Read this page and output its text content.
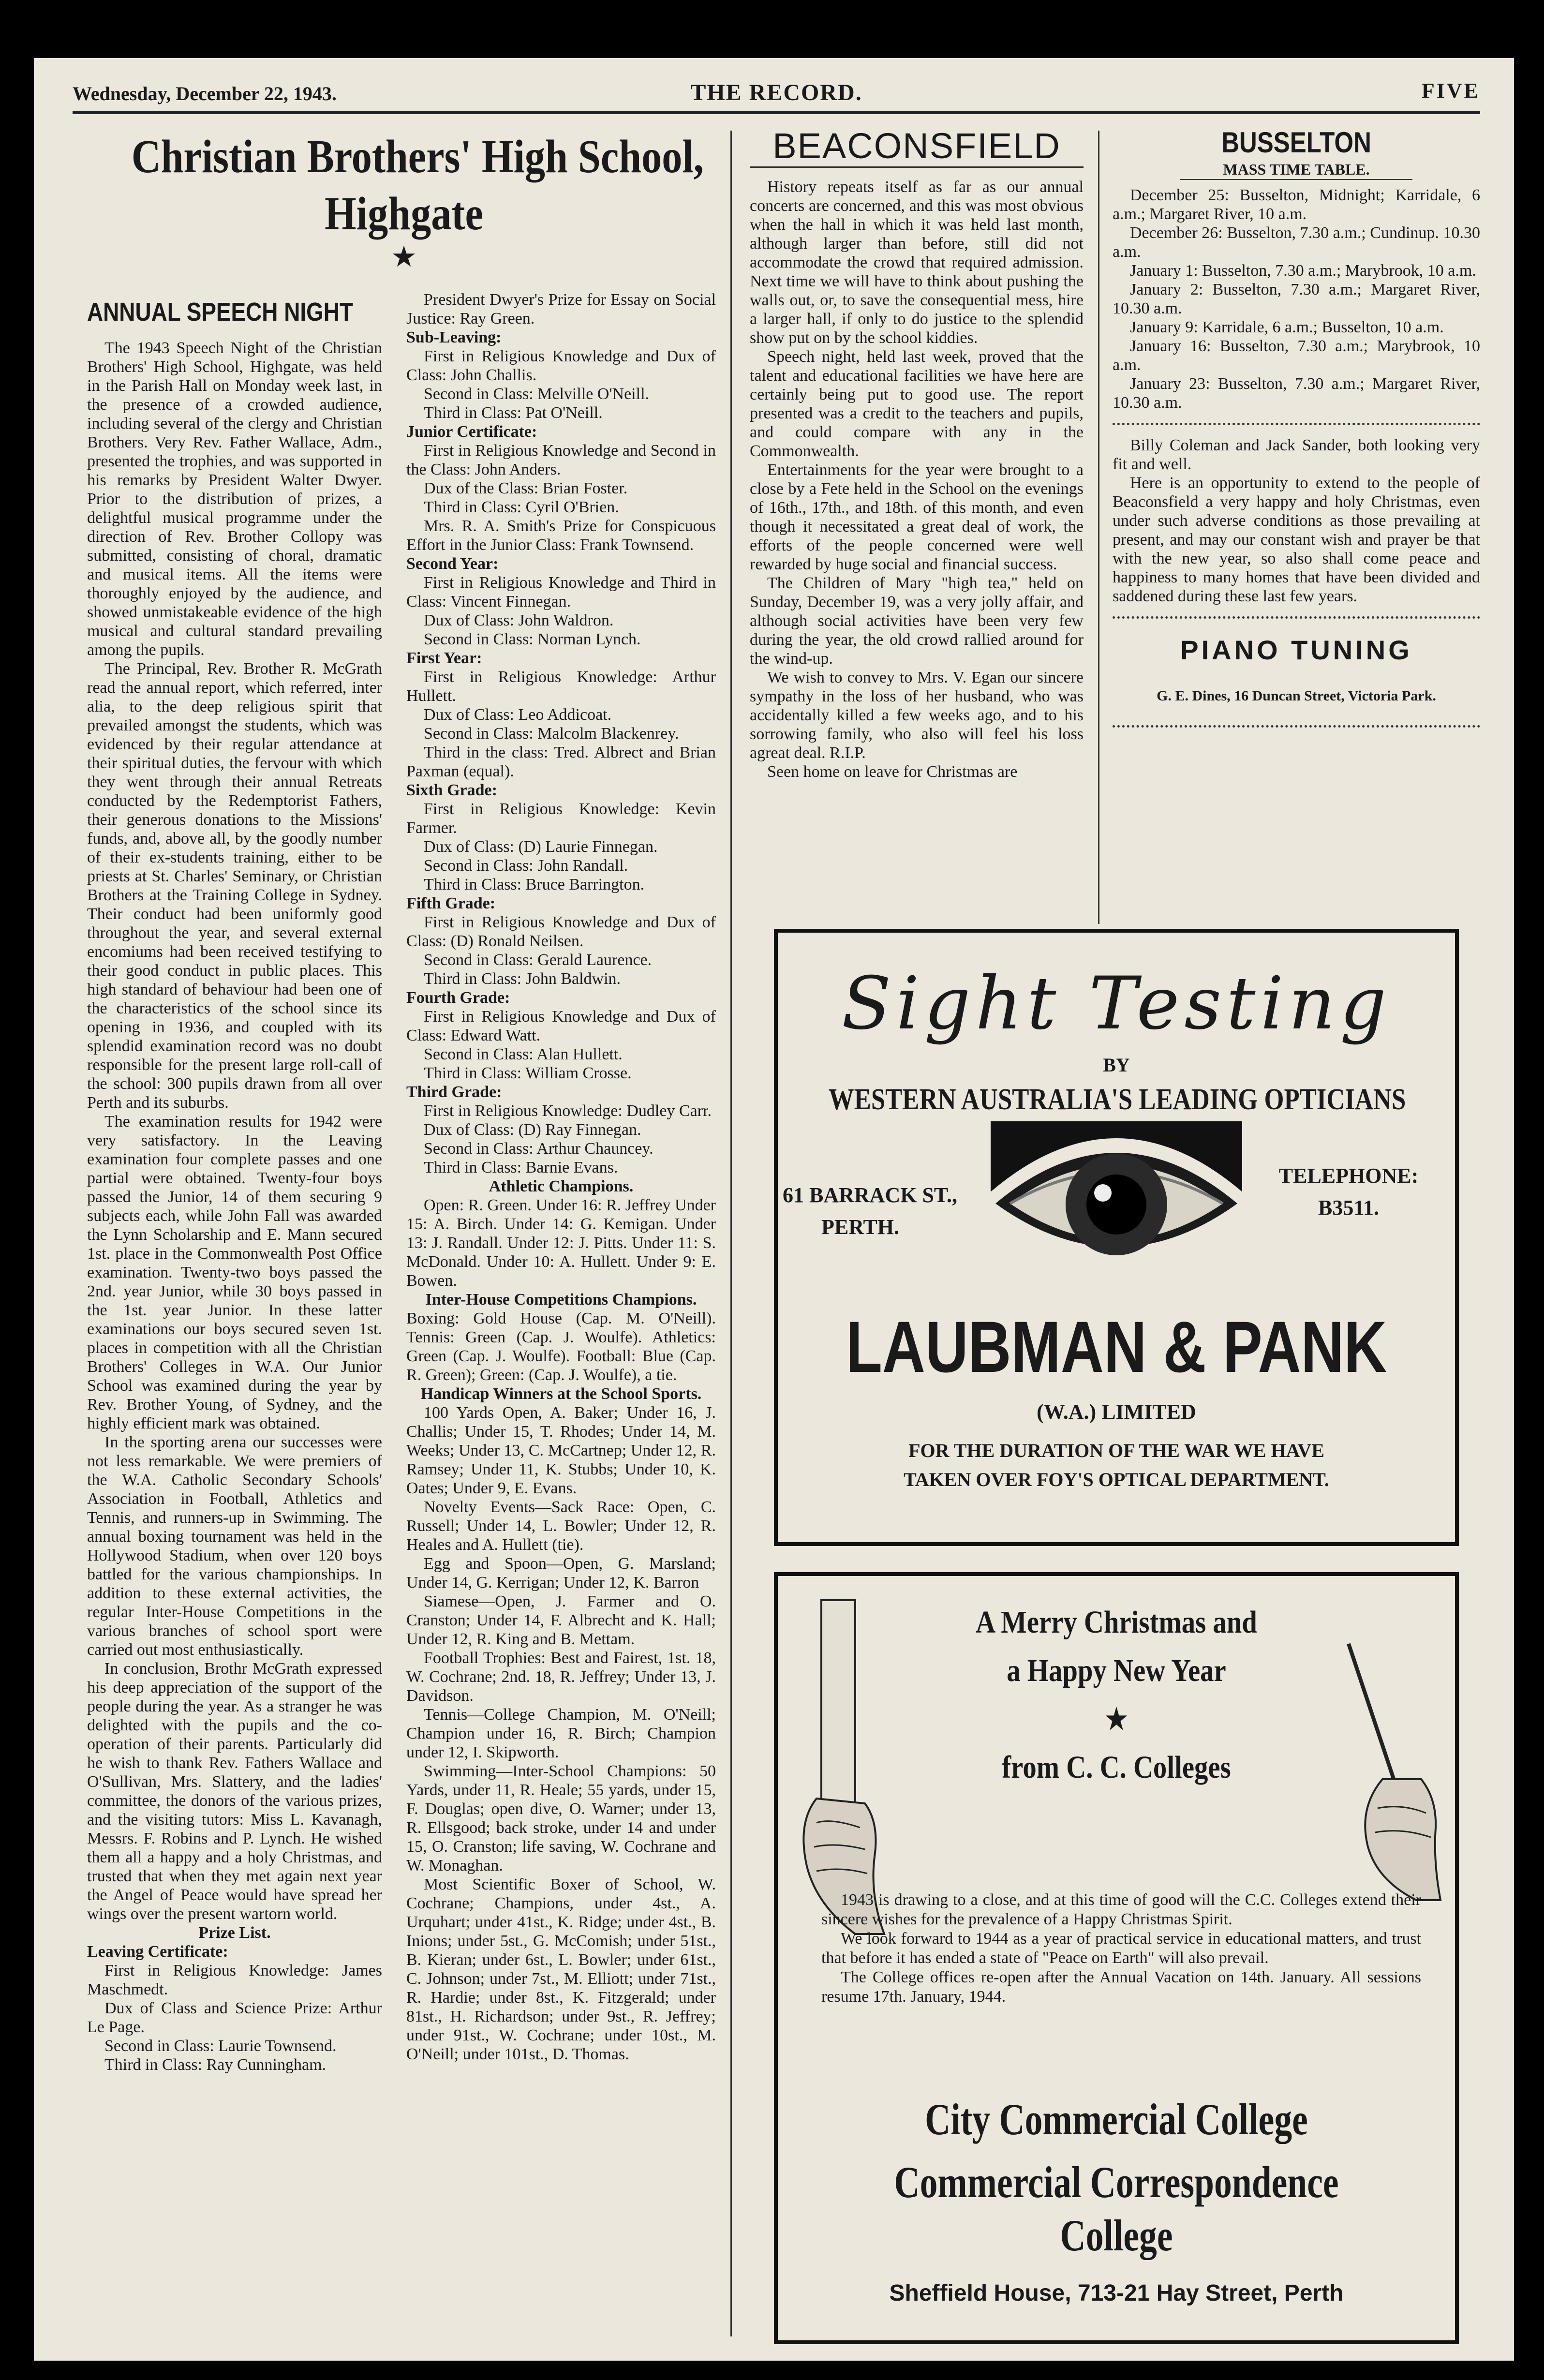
Wednesday, December 22, 1943.	THE RECORD.	FIVE
Christian Brothers' High School,
Highgate
★
ANNUAL SPEECH NIGHT

The 1943 Speech Night of the Christian Brothers' High School, Highgate, was held in the Parish Hall on Monday week last, in the presence of a crowded audience, including several of the clergy and Christian Brothers. Very Rev. Father Wallace, Adm., presented the trophies, and was supported in his remarks by President Walter Dwyer. Prior to the distribution of prizes, a delightful musical programme under the direction of Rev. Brother Collopy was submitted, consisting of choral, dramatic and musical items. All the items were thoroughly enjoyed by the audience, and showed unmistakeable evidence of the high musical and cultural standard prevailing among the pupils.

The Principal, Rev. Brother R. McGrath read the annual report, which referred, inter alia, to the deep religious spirit that prevailed amongst the students, which was evidenced by their regular attendance at their spiritual duties, the fervour with which they went through their annual Retreats conducted by the Redemptorist Fathers, their generous donations to the Missions' funds, and, above all, by the goodly number of their ex-students training, either to be priests at St. Charles' Seminary, or Christian Brothers at the Training College in Sydney. Their conduct had been uniformly good throughout the year, and several external encomiums had been received testifying to their good conduct in public places. This high standard of behaviour had been one of the characteristics of the school since its opening in 1936, and coupled with its splendid examination record was no doubt responsible for the present large roll-call of the school: 300 pupils drawn from all over Perth and its suburbs.

The examination results for 1942 were very satisfactory. In the Leaving examination four complete passes and one partial were obtained. Twenty-four boys passed the Junior, 14 of them securing 9 subjects each, while John Fall was awarded the Lynn Scholarship and E. Mann secured 1st. place in the Commonwealth Post Office examination. Twenty-two boys passed the 2nd. year Junior, while 30 boys passed in the 1st. year Junior. In these latter examinations our boys secured seven 1st. places in competition with all the Christian Brothers' Colleges in W.A. Our Junior School was examined during the year by Rev. Brother Young, of Sydney, and the highly efficient mark was obtained.

In the sporting arena our successes were not less remarkable. We were premiers of the W.A. Catholic Secondary Schools' Association in Football, Athletics and Tennis, and runners-up in Swimming. The annual boxing tournament was held in the Hollywood Stadium, when over 120 boys battled for the various championships. In addition to these external activities, the regular Inter-House Competitions in the various branches of school sport were carried out most enthusiastically.

In conclusion, Brothr McGrath expressed his deep appreciation of the support of the people during the year. As a stranger he was delighted with the pupils and the co-operation of their parents. Particularly did he wish to thank Rev. Fathers Wallace and O'Sullivan, Mrs. Slattery, and the ladies' committee, the donors of the various prizes, and the visiting tutors: Miss L. Kavanagh, Messrs. F. Robins and P. Lynch. He wished them all a happy and a holy Christmas, and trusted that when they met again next year the Angel of Peace would have spread her wings over the present wartorn world.

Prize List.

Leaving Certificate:

First in Religious Knowledge: James Maschmedt.

Dux of Class and Science Prize: Arthur Le Page.

Second in Class: Laurie Townsend.

Third in Class: Ray Cunningham.

President Dwyer's Prize for Essay on Social Justice: Ray Green.

Sub-Leaving:

First in Religious Knowledge and Dux of Class: John Challis.

Second in Class: Melville O'Neill.

Third in Class: Pat O'Neill.

Junior Certificate:

First in Religious Knowledge and Second in the Class: John Anders.

Dux of the Class: Brian Foster.

Third in Class: Cyril O'Brien.

Mrs. R. A. Smith's Prize for Conspicuous Effort in the Junior Class: Frank Townsend.

Second Year:

First in Religious Knowledge and Third in Class: Vincent Finnegan.

Dux of Class: John Waldron.

Second in Class: Norman Lynch.

First Year:

First in Religious Knowledge: Arthur Hullett.

Dux of Class: Leo Addicoat.

Second in Class: Malcolm Blackenrey.

Third in the class: Tred. Albrect and Brian Paxman (equal).

Sixth Grade:

First in Religious Knowledge: Kevin Farmer.

Dux of Class: (D) Laurie Finnegan.

Second in Class: John Randall.

Third in Class: Bruce Barrington.

Fifth Grade:

First in Religious Knowledge and Dux of Class: (D) Ronald Neilsen.

Second in Class: Gerald Laurence.

Third in Class: John Baldwin.

Fourth Grade:

First in Religious Knowledge and Dux of Class: Edward Watt.

Second in Class: Alan Hullett.

Third in Class: William Crosse.

Third Grade:

First in Religious Knowledge: Dudley Carr.

Dux of Class: (D) Ray Finnegan.

Second in Class: Arthur Chauncey.

Third in Class: Barnie Evans.

Athletic Champions.

Open: R. Green. Under 16: R. Jeffrey Under 15: A. Birch. Under 14: G. Kemigan. Under 13: J. Randall. Under 12: J. Pitts. Under 11: S. McDonald. Under 10: A. Hullett. Under 9: E. Bowen.

Inter-House Competitions Champions.

Boxing: Gold House (Cap. M. O'Neill). Tennis: Green (Cap. J. Woulfe). Athletics: Green (Cap. J. Woulfe). Football: Blue (Cap. R. Green); Green: (Cap. J. Woulfe), a tie.

Handicap Winners at the School Sports.

100 Yards Open, A. Baker; Under 16, J. Challis; Under 15, T. Rhodes; Under 14, M. Weeks; Under 13, C. McCartnep; Under 12, R. Ramsey; Under 11, K. Stubbs; Under 10, K. Oates; Under 9, E. Evans.

Novelty Events—Sack Race: Open, C. Russell; Under 14, L. Bowler; Under 12, R. Heales and A. Hullett (tie).

Egg and Spoon—Open, G. Marsland; Under 14, G. Kerrigan; Under 12, K. Barron

Siamese—Open, J. Farmer and O. Cranston; Under 14, F. Albrecht and K. Hall; Under 12, R. King and B. Mettam.

Football Trophies: Best and Fairest, 1st. 18, W. Cochrane; 2nd. 18, R. Jeffrey; Under 13, J. Davidson.

Tennis—College Champion, M. O'Neill; Champion under 16, R. Birch; Champion under 12, I. Skipworth.

Swimming—Inter-School Champions: 50 Yards, under 11, R. Heale; 55 yards, under 15, F. Douglas; open dive, O. Warner; under 13, R. Ellsgood; back stroke, under 14 and under 15, O. Cranston; life saving, W. Cochrane and W. Monaghan.

Most Scientific Boxer of School, W. Cochrane; Champions, under 4st., A. Urquhart; under 41st., K. Ridge; under 4st., B. Inions; under 5st., G. McComish; under 51st., B. Kieran; under 6st., L. Bowler; under 61st., C. Johnson; under 7st., M. Elliott; under 71st., R. Hardie; under 8st., K. Fitzgerald; under 81st., H. Richardson; under 9st., R. Jeffrey; under 91st., W. Cochrane; under 10st., M. O'Neill; under 101st., D. Thomas.

BEACONSFIELD

History repeats itself as far as our annual concerts are concerned, and this was most obvious when the hall in which it was held last month, although larger than before, still did not accommodate the crowd that required admission. Next time we will have to think about pushing the walls out, or, to save the consequential mess, hire a larger hall, if only to do justice to the splendid show put on by the school kiddies.

Speech night, held last week, proved that the talent and educational facilities we have here are certainly being put to good use. The report presented was a credit to the teachers and pupils, and could compare with any in the Commonwealth.

Entertainments for the year were brought to a close by a Fete held in the School on the evenings of 16th., 17th., and 18th. of this month, and even though it necessitated a great deal of work, the efforts of the people concerned were well rewarded by huge social and financial success.

The Children of Mary "high tea," held on Sunday, December 19, was a very jolly affair, and although social activities have been very few during the year, the old crowd rallied around for the wind-up.

We wish to convey to Mrs. V. Egan our sincere sympathy in the loss of her husband, who was accidentally killed a few weeks ago, and to his sorrowing family, who also will feel his loss agreat deal. R.I.P.

Seen home on leave for Christmas are

BUSSELTON
MASS TIME TABLE.

December 25: Busselton, Midnight; Karridale, 6 a.m.; Margaret River, 10 a.m.

December 26: Busselton, 7.30 a.m.; Cundinup. 10.30 a.m.

January 1: Busselton, 7.30 a.m.; Marybrook, 10 a.m.

January 2: Busselton, 7.30 a.m.; Margaret River, 10.30 a.m.

January 9: Karridale, 6 a.m.; Busselton, 10 a.m.

January 16: Busselton, 7.30 a.m.; Marybrook, 10 a.m.

January 23: Busselton, 7.30 a.m.; Margaret River, 10.30 a.m.

Billy Coleman and Jack Sander, both looking very fit and well.

Here is an opportunity to extend to the people of Beaconsfield a very happy and holy Christmas, even under such adverse conditions as those prevailing at present, and may our constant wish and prayer be that with the new year, so also shall come peace and happiness to many homes that have been divided and saddened during these last few years.

PIANO TUNING
G. E. Dines, 16 Duncan Street, Victoria Park.
Sight Testing
BY
WESTERN AUSTRALIA'S LEADING OPTICIANS
61 BARRACK ST.,
PERTH.
TELEPHONE:
B3511.
LAUBMAN & PANK
(W.A.) LIMITED
FOR THE DURATION OF THE WAR WE HAVE
TAKEN OVER FOY'S OPTICAL DEPARTMENT.
A Merry Christmas and
a Happy New Year
★
from C. C. Colleges

1943 is drawing to a close, and at this time of good will the C.C. Colleges extend their sincere wishes for the prevalence of a Happy Christmas Spirit.

We look forward to 1944 as a year of practical service in educational matters, and trust that before it has ended a state of "Peace on Earth" will also prevail.

The College offices re-open after the Annual Vacation on 14th. January. All sessions resume 17th. January, 1944.

City Commercial College
Commercial Correspondence
College
Sheffield House, 713-21 Hay Street, Perth
